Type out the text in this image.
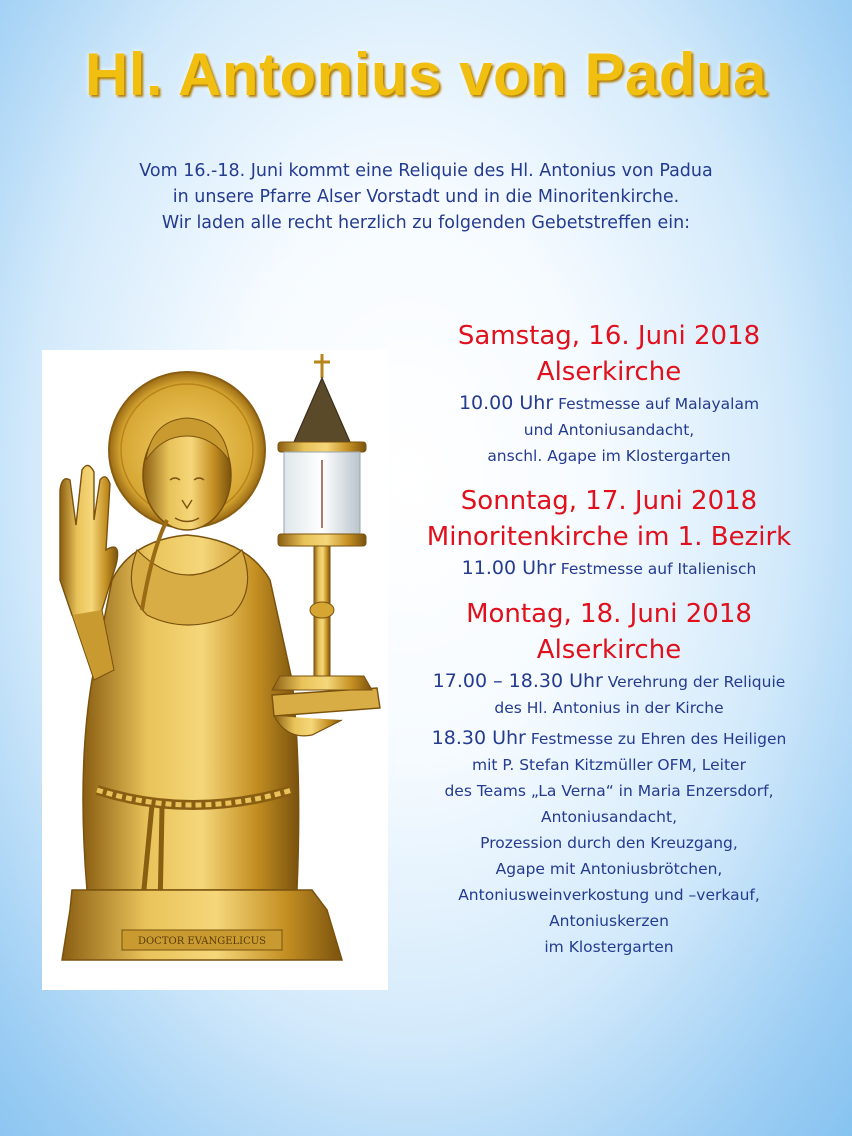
Hl. Antonius von Padua
Vom 16.-18. Juni kommt eine Reliquie des Hl. Antonius von Padua
in unsere Pfarre Alser Vorstadt und in die Minoritenkirche.
Wir laden alle recht herzlich zu folgenden Gebetstreffen ein:
DOCTOR EVANGELICUS
Samstag, 16. Juni 2018
Alserkirche
10.00 Uhr Festmesse auf Malayalam
und Antoniusandacht,
anschl. Agape im Klostergarten
Sonntag, 17. Juni 2018
Minoritenkirche im 1. Bezirk
11.00 Uhr Festmesse auf Italienisch
Montag, 18. Juni 2018
Alserkirche
17.00 – 18.30 Uhr Verehrung der Reliquie
des Hl. Antonius in der Kirche
18.30 Uhr Festmesse zu Ehren des Heiligen
mit P. Stefan Kitzmüller OFM, Leiter
des Teams „La Verna“ in Maria Enzersdorf,
Antoniusandacht,
Prozession durch den Kreuzgang,
Agape mit Antoniusbrötchen,
Antoniusweinverkostung und –verkauf,
Antoniuskerzen
im Klostergarten
